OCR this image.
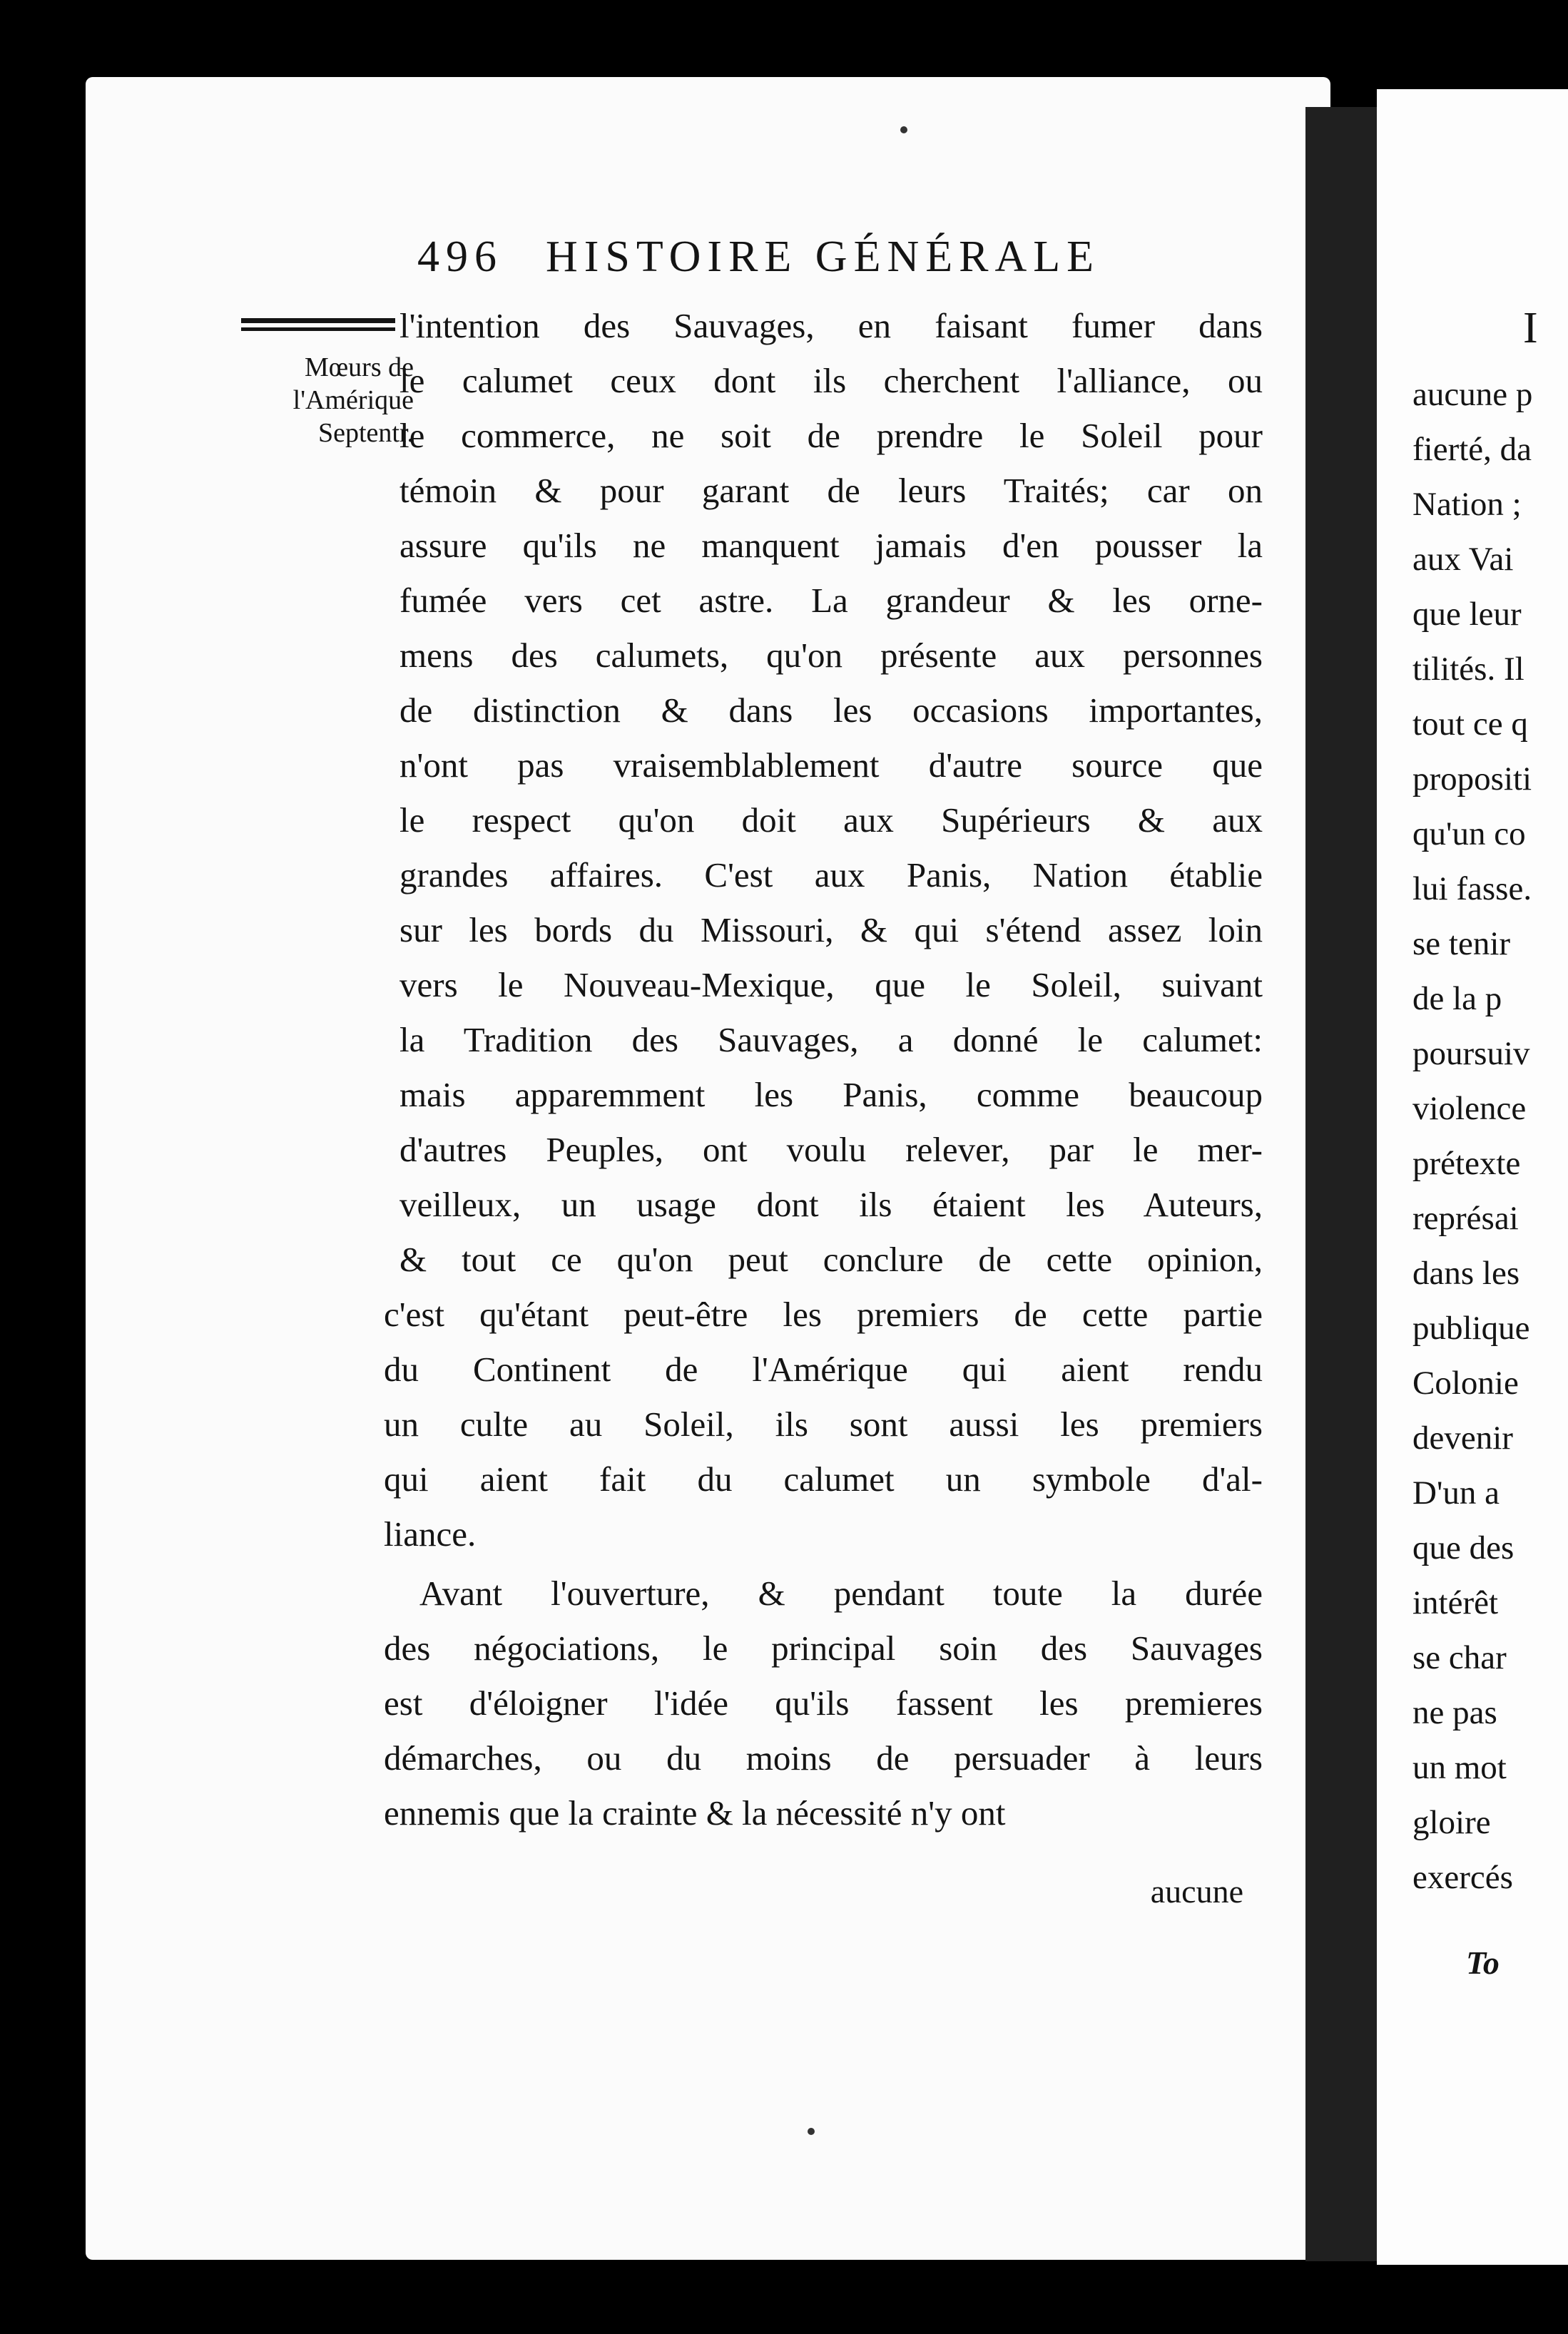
I
aucune p
fierté, da
Nation ;
aux Vai
que leur
tilités. Il
tout ce q
propositi
qu'un co
lui fasse.
se tenir
de la p
poursuiv
violence
prétexte
représai
dans les
publique
Colonie
devenir
D'un a
que des
intérêt
se char
ne pas
un mot
gloire
exercés
To
496 HISTOIRE GÉNÉRALE
Mœurs de
l'Amérique
Septentr.
l'intention des Sauvages, en faisant fumer dans
le calumet ceux dont ils cherchent l'alliance, ou
le commerce, ne soit de prendre le Soleil pour
témoin & pour garant de leurs Traités; car on
assure qu'ils ne manquent jamais d'en pousser la
fumée vers cet astre. La grandeur & les orne-
mens des calumets, qu'on présente aux personnes
de distinction & dans les occasions importantes,
n'ont pas vraisemblablement d'autre source que
le respect qu'on doit aux Supérieurs & aux
grandes affaires. C'est aux Panis, Nation établie
sur les bords du Missouri, & qui s'étend assez loin
vers le Nouveau-Mexique, que le Soleil, suivant
la Tradition des Sauvages, a donné le calumet:
mais apparemment les Panis, comme beaucoup
d'autres Peuples, ont voulu relever, par le mer-
veilleux, un usage dont ils étaient les Auteurs,
& tout ce qu'on peut conclure de cette opinion,
c'est qu'étant peut-être les premiers de cette partie
du Continent de l'Amérique qui aient rendu
un culte au Soleil, ils sont aussi les premiers
qui aient fait du calumet un symbole d'al-
liance.
Avant l'ouverture, & pendant toute la durée
des négociations, le principal soin des Sauvages
est d'éloigner l'idée qu'ils fassent les premieres
démarches, ou du moins de persuader à leurs
ennemis que la crainte & la nécessité n'y ont
aucune
